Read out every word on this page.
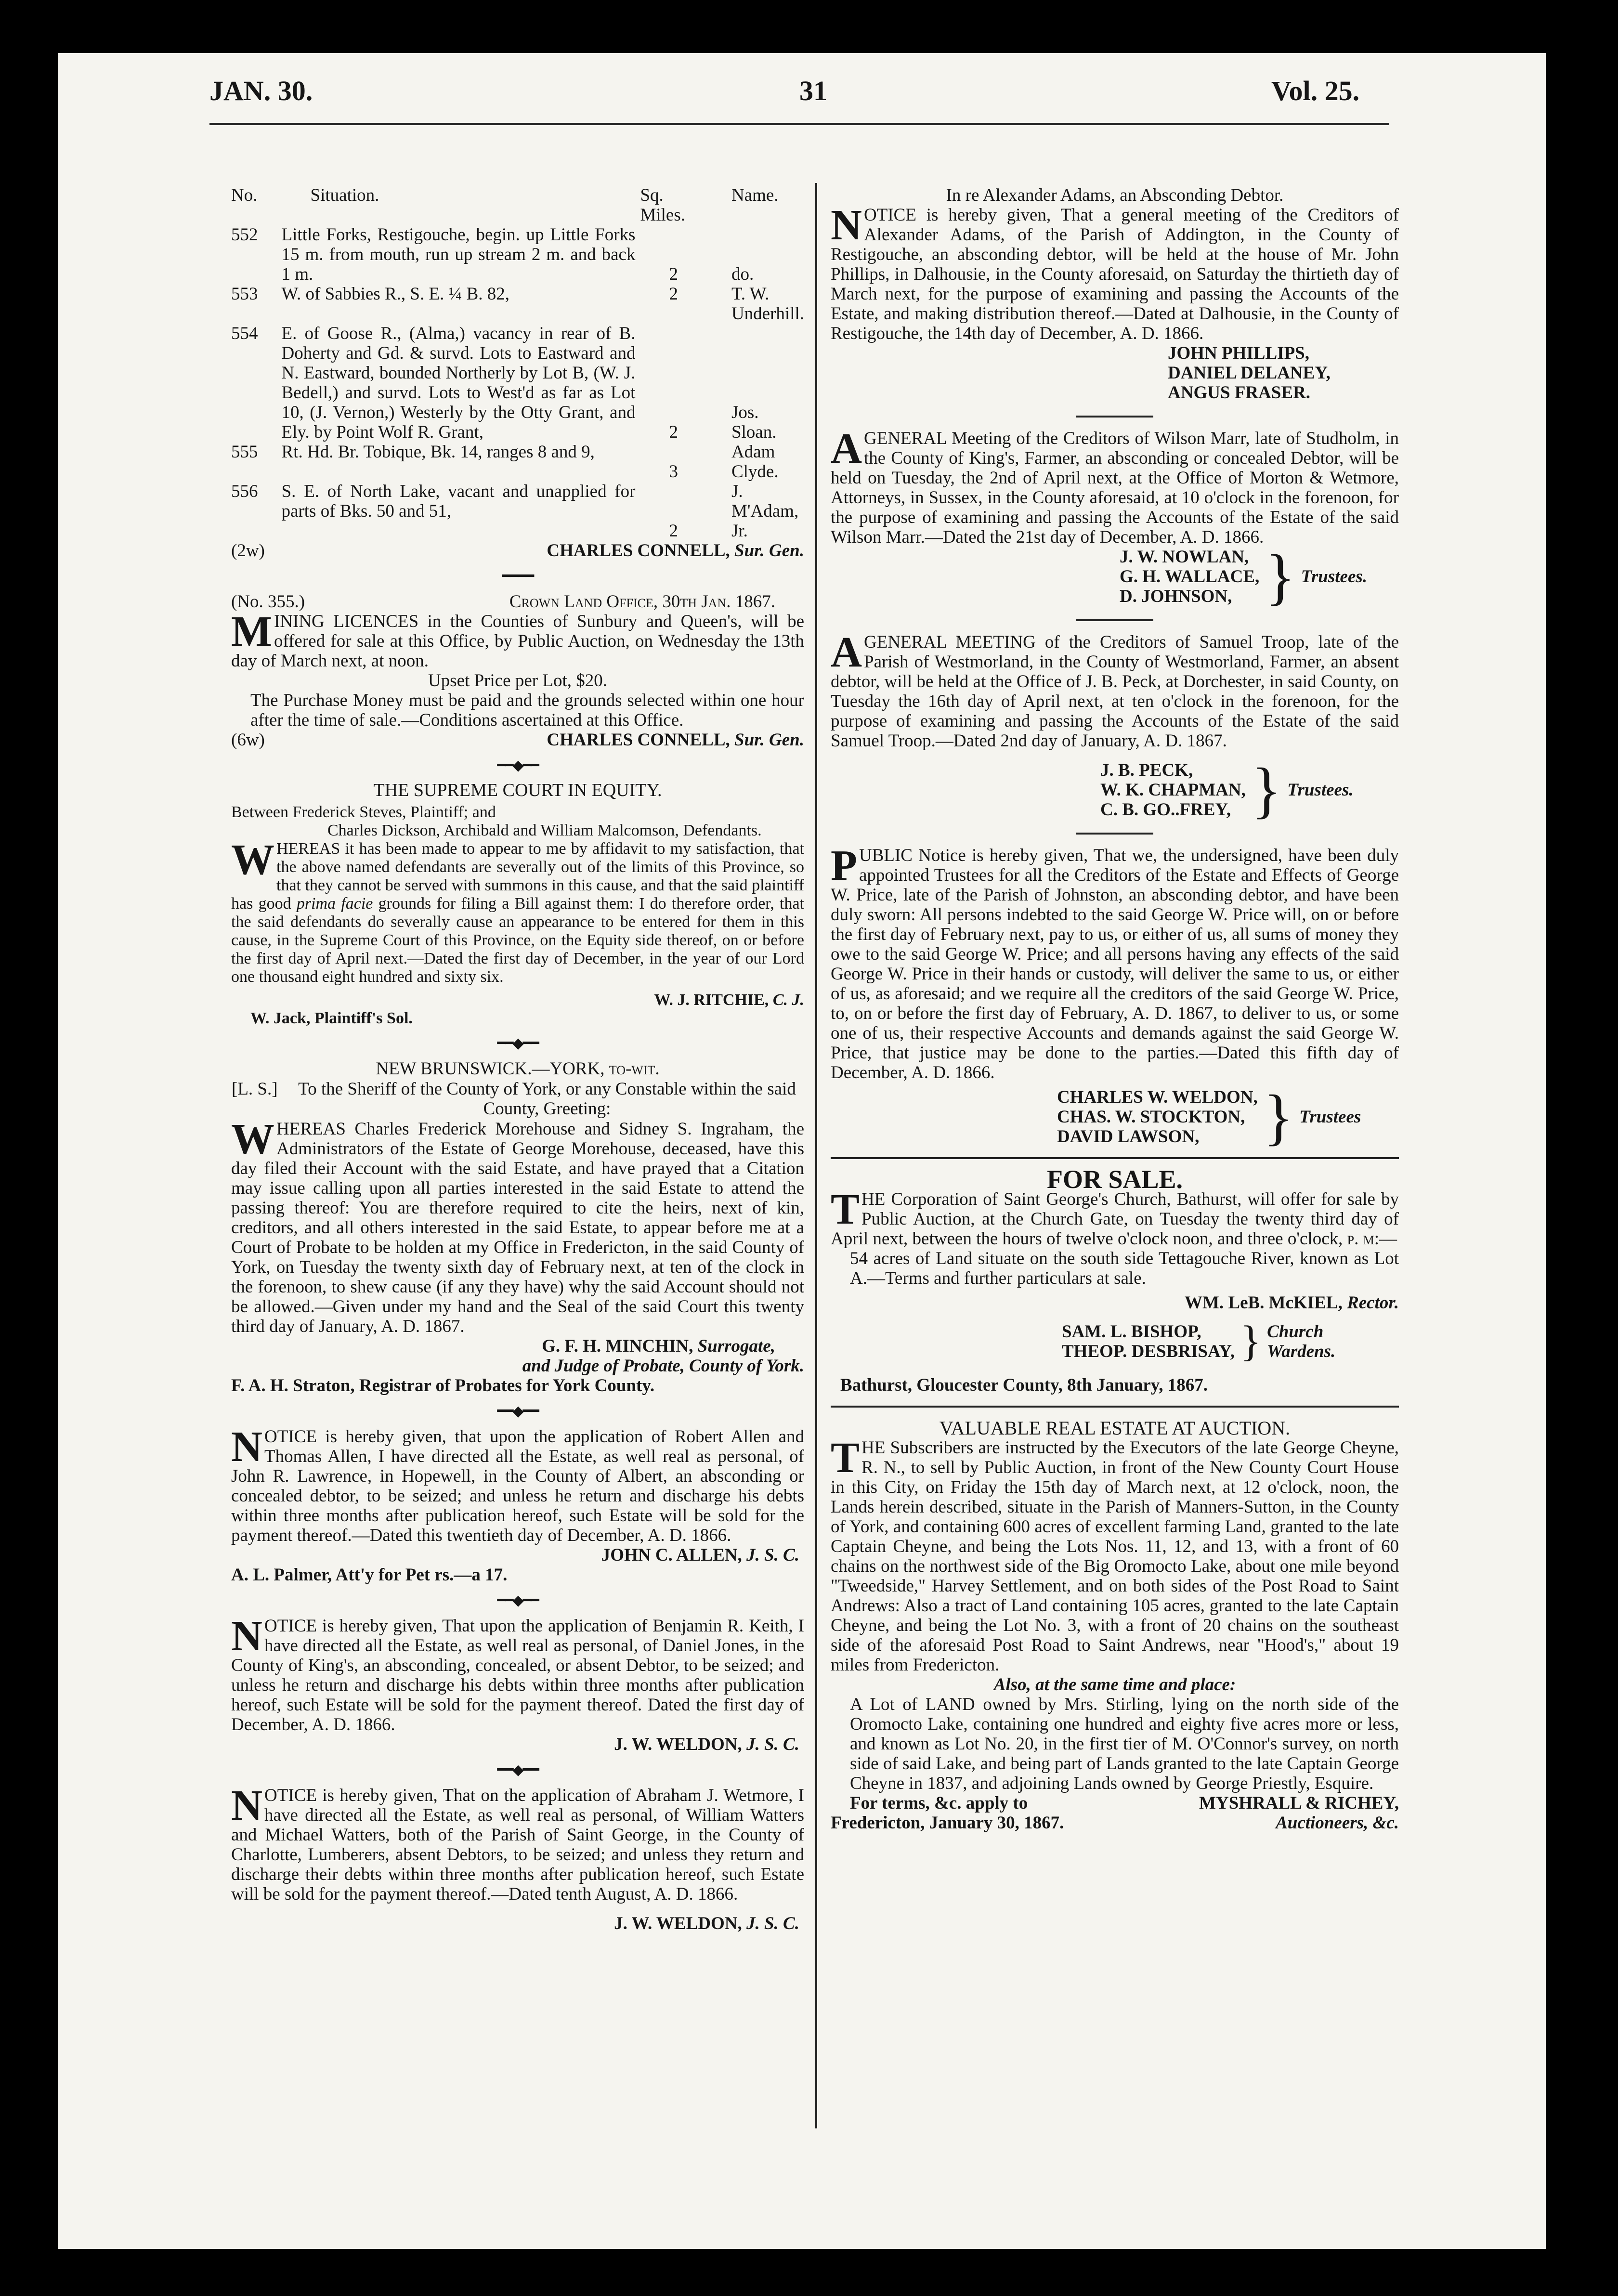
JAN. 30.	31	Vol. 25.
No.	Situation.	Sq. Miles.	Name.
552	Little Forks, Restigouche, begin. up Little Forks 15 m. from mouth, run up stream 2 m. and back 1 m.	2	do.
553	W. of Sabbies R., S. E. ¼ B. 82,	2	T. W. Underhill.
554	E. of Goose R., (Alma,) vacancy in rear of B. Doherty and Gd. & survd. Lots to Eastward and N. Eastward, bounded Northerly by Lot B, (W. J. Bedell,) and survd. Lots to West'd as far as Lot 10, (J. Vernon,) Westerly by the Otty Grant, and Ely. by Point Wolf R. Grant,	2	Jos. Sloan.
555	Rt. Hd. Br. Tobique, Bk. 14, ranges 8 and 9,	3	Adam Clyde.
556	S. E. of North Lake, vacant and unapplied for parts of Bks. 50 and 51,	2	J. M'Adam, Jr.

(2w)	CHARLES CONNELL, Sur. Gen.

━━━━

(No. 355.)	Crown Land Office, 30th Jan. 1867.

MINING LICENCES in the Counties of Sunbury and Queen's, will be offered for sale at this Office, by Public Auction, on Wednesday the 13th day of March next, at noon.

Upset Price per Lot, $20.

The Purchase Money must be paid and the grounds selected within one hour after the time of sale.—Conditions ascertained at this Office.

(6w)	CHARLES CONNELL, Sur. Gen.

━━◆━━

THE SUPREME COURT IN EQUITY.

Between Frederick Steves, Plaintiff; and

Charles Dickson, Archibald and William Malcomson, Defendants.

WHEREAS it has been made to appear to me by affidavit to my satisfaction, that the above named defendants are severally out of the limits of this Province, so that they cannot be served with summons in this cause, and that the said plaintiff has good prima facie grounds for filing a Bill against them: I do therefore order, that the said defendants do severally cause an appearance to be entered for them in this cause, in the Supreme Court of this Province, on the Equity side thereof, on or before the first day of April next.—Dated the first day of December, in the year of our Lord one thousand eight hundred and sixty six.

W. J. RITCHIE, C. J.

W. Jack, Plaintiff's Sol.

━━◆━━

NEW BRUNSWICK.—YORK, to-wit.

[L. S.]	To the Sheriff of the County of York, or any Constable within the said County, Greeting:

WHEREAS Charles Frederick Morehouse and Sidney S. Ingraham, the Administrators of the Estate of George Morehouse, deceased, have this day filed their Account with the said Estate, and have prayed that a Citation may issue calling upon all parties interested in the said Estate to attend the passing thereof: You are therefore required to cite the heirs, next of kin, creditors, and all others interested in the said Estate, to appear before me at a Court of Probate to be holden at my Office in Fredericton, in the said County of York, on Tuesday the twenty sixth day of February next, at ten of the clock in the forenoon, to shew cause (if any they have) why the said Account should not be allowed.—Given under my hand and the Seal of the said Court this twenty third day of January, A. D. 1867.

G. F. H. MINCHIN, Surrogate,

and Judge of Probate, County of York.

F. A. H. Straton, Registrar of Probates for York County.

━━◆━━

NOTICE is hereby given, that upon the application of Robert Allen and Thomas Allen, I have directed all the Estate, as well real as personal, of John R. Lawrence, in Hopewell, in the County of Albert, an absconding or concealed debtor, to be seized; and unless he return and discharge his debts within three months after publication hereof, such Estate will be sold for the payment thereof.—Dated this twentieth day of December, A. D. 1866.

JOHN C. ALLEN, J. S. C.

A. L. Palmer, Att'y for Pet rs.—a 17.

━━◆━━

NOTICE is hereby given, That upon the application of Benjamin R. Keith, I have directed all the Estate, as well real as personal, of Daniel Jones, in the County of King's, an absconding, concealed, or absent Debtor, to be seized; and unless he return and discharge his debts within three months after publication hereof, such Estate will be sold for the payment thereof. Dated the first day of December, A. D. 1866.

J. W. WELDON, J. S. C.

━━◆━━

NOTICE is hereby given, That on the application of Abraham J. Wetmore, I have directed all the Estate, as well real as personal, of William Watters and Michael Watters, both of the Parish of Saint George, in the County of Charlotte, Lumberers, absent Debtors, to be seized; and unless they return and discharge their debts within three months after publication hereof, such Estate will be sold for the payment thereof.—Dated tenth August, A. D. 1866.

J. W. WELDON, J. S. C.

In re Alexander Adams, an Absconding Debtor.

NOTICE is hereby given, That a general meeting of the Creditors of Alexander Adams, of the Parish of Addington, in the County of Restigouche, an absconding debtor, will be held at the house of Mr. John Phillips, in Dalhousie, in the County aforesaid, on Saturday the thirtieth day of March next, for the purpose of examining and passing the Accounts of the Estate, and making distribution thereof.—Dated at Dalhousie, in the County of Restigouche, the 14th day of December, A. D. 1866.

JOHN PHILLIPS,
DANIEL DELANEY,
ANGUS FRASER.

AGENERAL Meeting of the Creditors of Wilson Marr, late of Studholm, in the County of King's, Farmer, an absconding or concealed Debtor, will be held on Tuesday, the 2nd of April next, at the Office of Morton & Wetmore, Attorneys, in Sussex, in the County aforesaid, at 10 o'clock in the forenoon, for the purpose of examining and passing the Accounts of the Estate of the said Wilson Marr.—Dated the 21st day of December, A. D. 1866.

J. W. NOWLAN,
G. H. WALLACE,
D. JOHNSON, } Trustees.

AGENERAL MEETING of the Creditors of Samuel Troop, late of the Parish of Westmorland, in the County of Westmorland, Farmer, an absent debtor, will be held at the Office of J. B. Peck, at Dorchester, in said County, on Tuesday the 16th day of April next, at ten o'clock in the forenoon, for the purpose of examining and passing the Accounts of the Estate of the said Samuel Troop.—Dated 2nd day of January, A. D. 1867.

J. B. PECK,
W. K. CHAPMAN,
C. B. GO..FREY, } Trustees.

PUBLIC Notice is hereby given, That we, the undersigned, have been duly appointed Trustees for all the Creditors of the Estate and Effects of George W. Price, late of the Parish of Johnston, an absconding debtor, and have been duly sworn: All persons indebted to the said George W. Price will, on or before the first day of February next, pay to us, or either of us, all sums of money they owe to the said George W. Price; and all persons having any effects of the said George W. Price in their hands or custody, will deliver the same to us, or either of us, as aforesaid; and we require all the creditors of the said George W. Price, to, on or before the first day of February, A. D. 1867, to deliver to us, or some one of us, their respective Accounts and demands against the said George W. Price, that justice may be done to the parties.—Dated this fifth day of December, A. D. 1866.

CHARLES W. WELDON,
CHAS. W. STOCKTON,
DAVID LAWSON,	} Trustees

FOR SALE.

THE Corporation of Saint George's Church, Bathurst, will offer for sale by Public Auction, at the Church Gate, on Tuesday the twenty third day of April next, between the hours of twelve o'clock noon, and three o'clock, p. m:—

54 acres of Land situate on the south side Tettagouche River, known as Lot A.—Terms and further particulars at sale.

WM. LeB. McKIEL, Rector.

SAM. L. BISHOP,
THEOP. DESBRISAY, } Church
Wardens.

Bathurst, Gloucester County, 8th January, 1867.

VALUABLE REAL ESTATE AT AUCTION.

THE Subscribers are instructed by the Executors of the late George Cheyne, R. N., to sell by Public Auction, in front of the New County Court House in this City, on Friday the 15th day of March next, at 12 o'clock, noon, the Lands herein described, situate in the Parish of Manners-Sutton, in the County of York, and containing 600 acres of excellent farming Land, granted to the late Captain Cheyne, and being the Lots Nos. 11, 12, and 13, with a front of 60 chains on the northwest side of the Big Oromocto Lake, about one mile beyond "Tweedside," Harvey Settlement, and on both sides of the Post Road to Saint Andrews: Also a tract of Land containing 105 acres, granted to the late Captain Cheyne, and being the Lot No. 3, with a front of 20 chains on the southeast side of the aforesaid Post Road to Saint Andrews, near "Hood's," about 19 miles from Fredericton.

Also, at the same time and place:

A Lot of LAND owned by Mrs. Stirling, lying on the north side of the Oromocto Lake, containing one hundred and eighty five acres more or less, and known as Lot No. 20, in the first tier of M. O'Connor's survey, on north side of said Lake, and being part of Lands granted to the late Captain George Cheyne in 1837, and adjoining Lands owned by George Priestly, Esquire.

For terms, &c. apply to	MYSHRALL & RICHEY,

Fredericton, January 30, 1867.	Auctioneers, &c.
